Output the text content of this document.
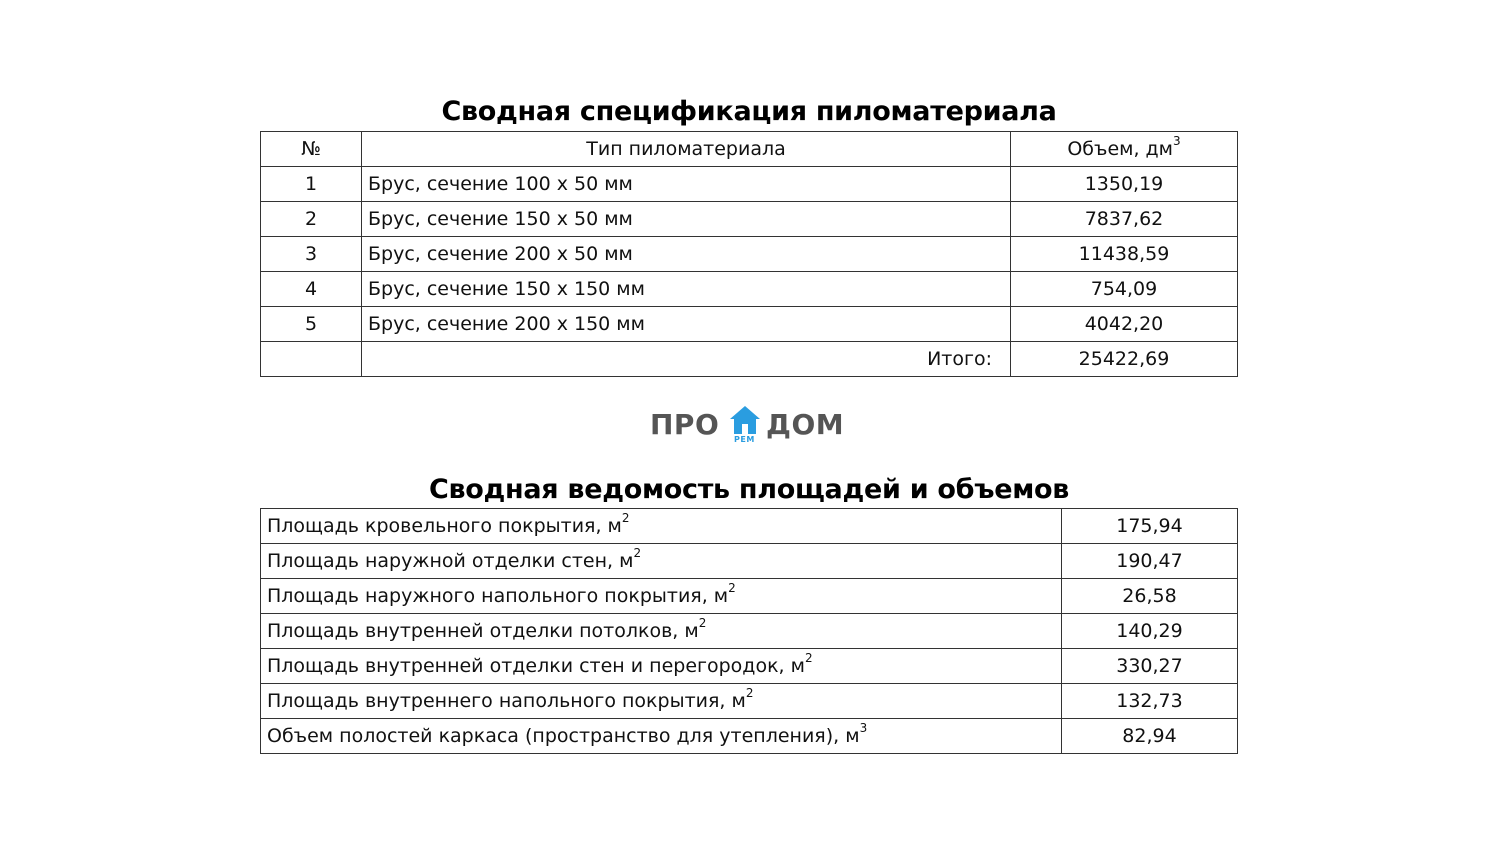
Сводная спецификация пиломатериала
№	Тип пиломатериала	Объем, $дм^3$
1	Брус, сечение 100 х 50 мм	1350,19
2	Брус, сечение 150 х 50 мм	7837,62
3	Брус, сечение 200 х 50 мм	11438,59
4	Брус, сечение 150 х 150 мм	754,09
5	Брус, сечение 200 х 150 мм	4042,20
	Итого:	25422,69
ПРО РЕМ ДОМ
Сводная ведомость площадей и объемов
Площадь кровельного покрытия, $м^2$	175,94
Площадь наружной отделки стен, $м^2$	190,47
Площадь наружного напольного покрытия, $м^2$	26,58
Площадь внутренней отделки потолков, $м^2$	140,29
Площадь внутренней отделки стен и перегородок, $м^2$	330,27
Площадь внутреннего напольного покрытия, $м^2$	132,73
Объем полостей каркаса (пространство для утепления), $м^3$	82,94
